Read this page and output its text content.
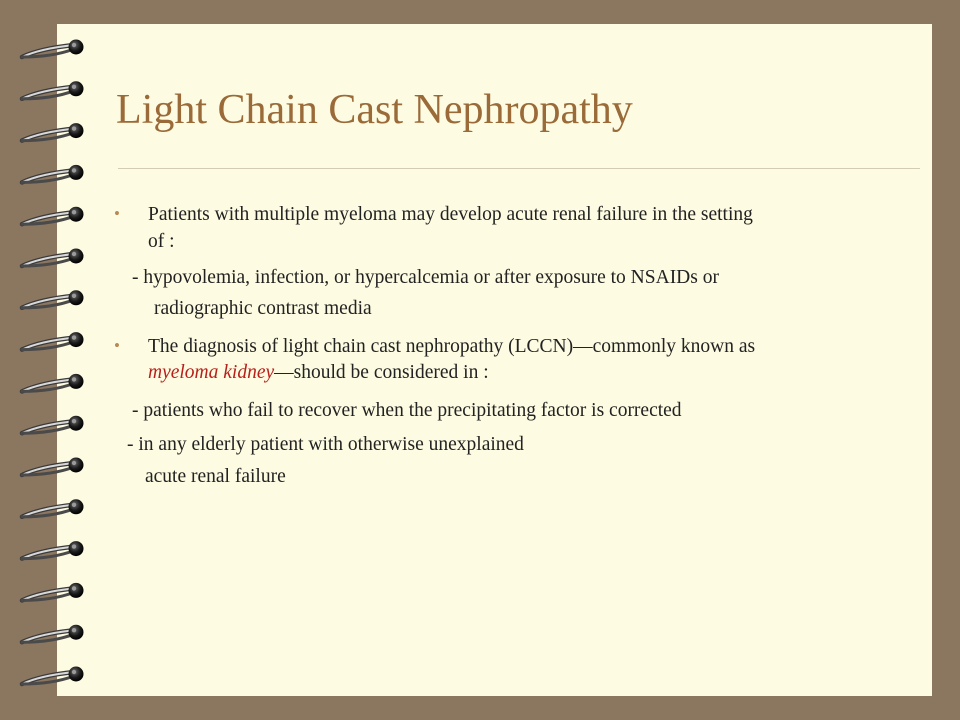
Light Chain Cast Nephropathy
• Patients with multiple myeloma may develop acute renal failure in the setting
of :
- hypovolemia, infection, or hypercalcemia or after exposure to NSAIDs or
radiographic contrast media
• The diagnosis of light chain cast nephropathy (LCCN)—commonly known as
myeloma kidney—should be considered in :
- patients who fail to recover when the precipitating factor is corrected
- in any elderly patient with otherwise unexplained
acute renal failure
